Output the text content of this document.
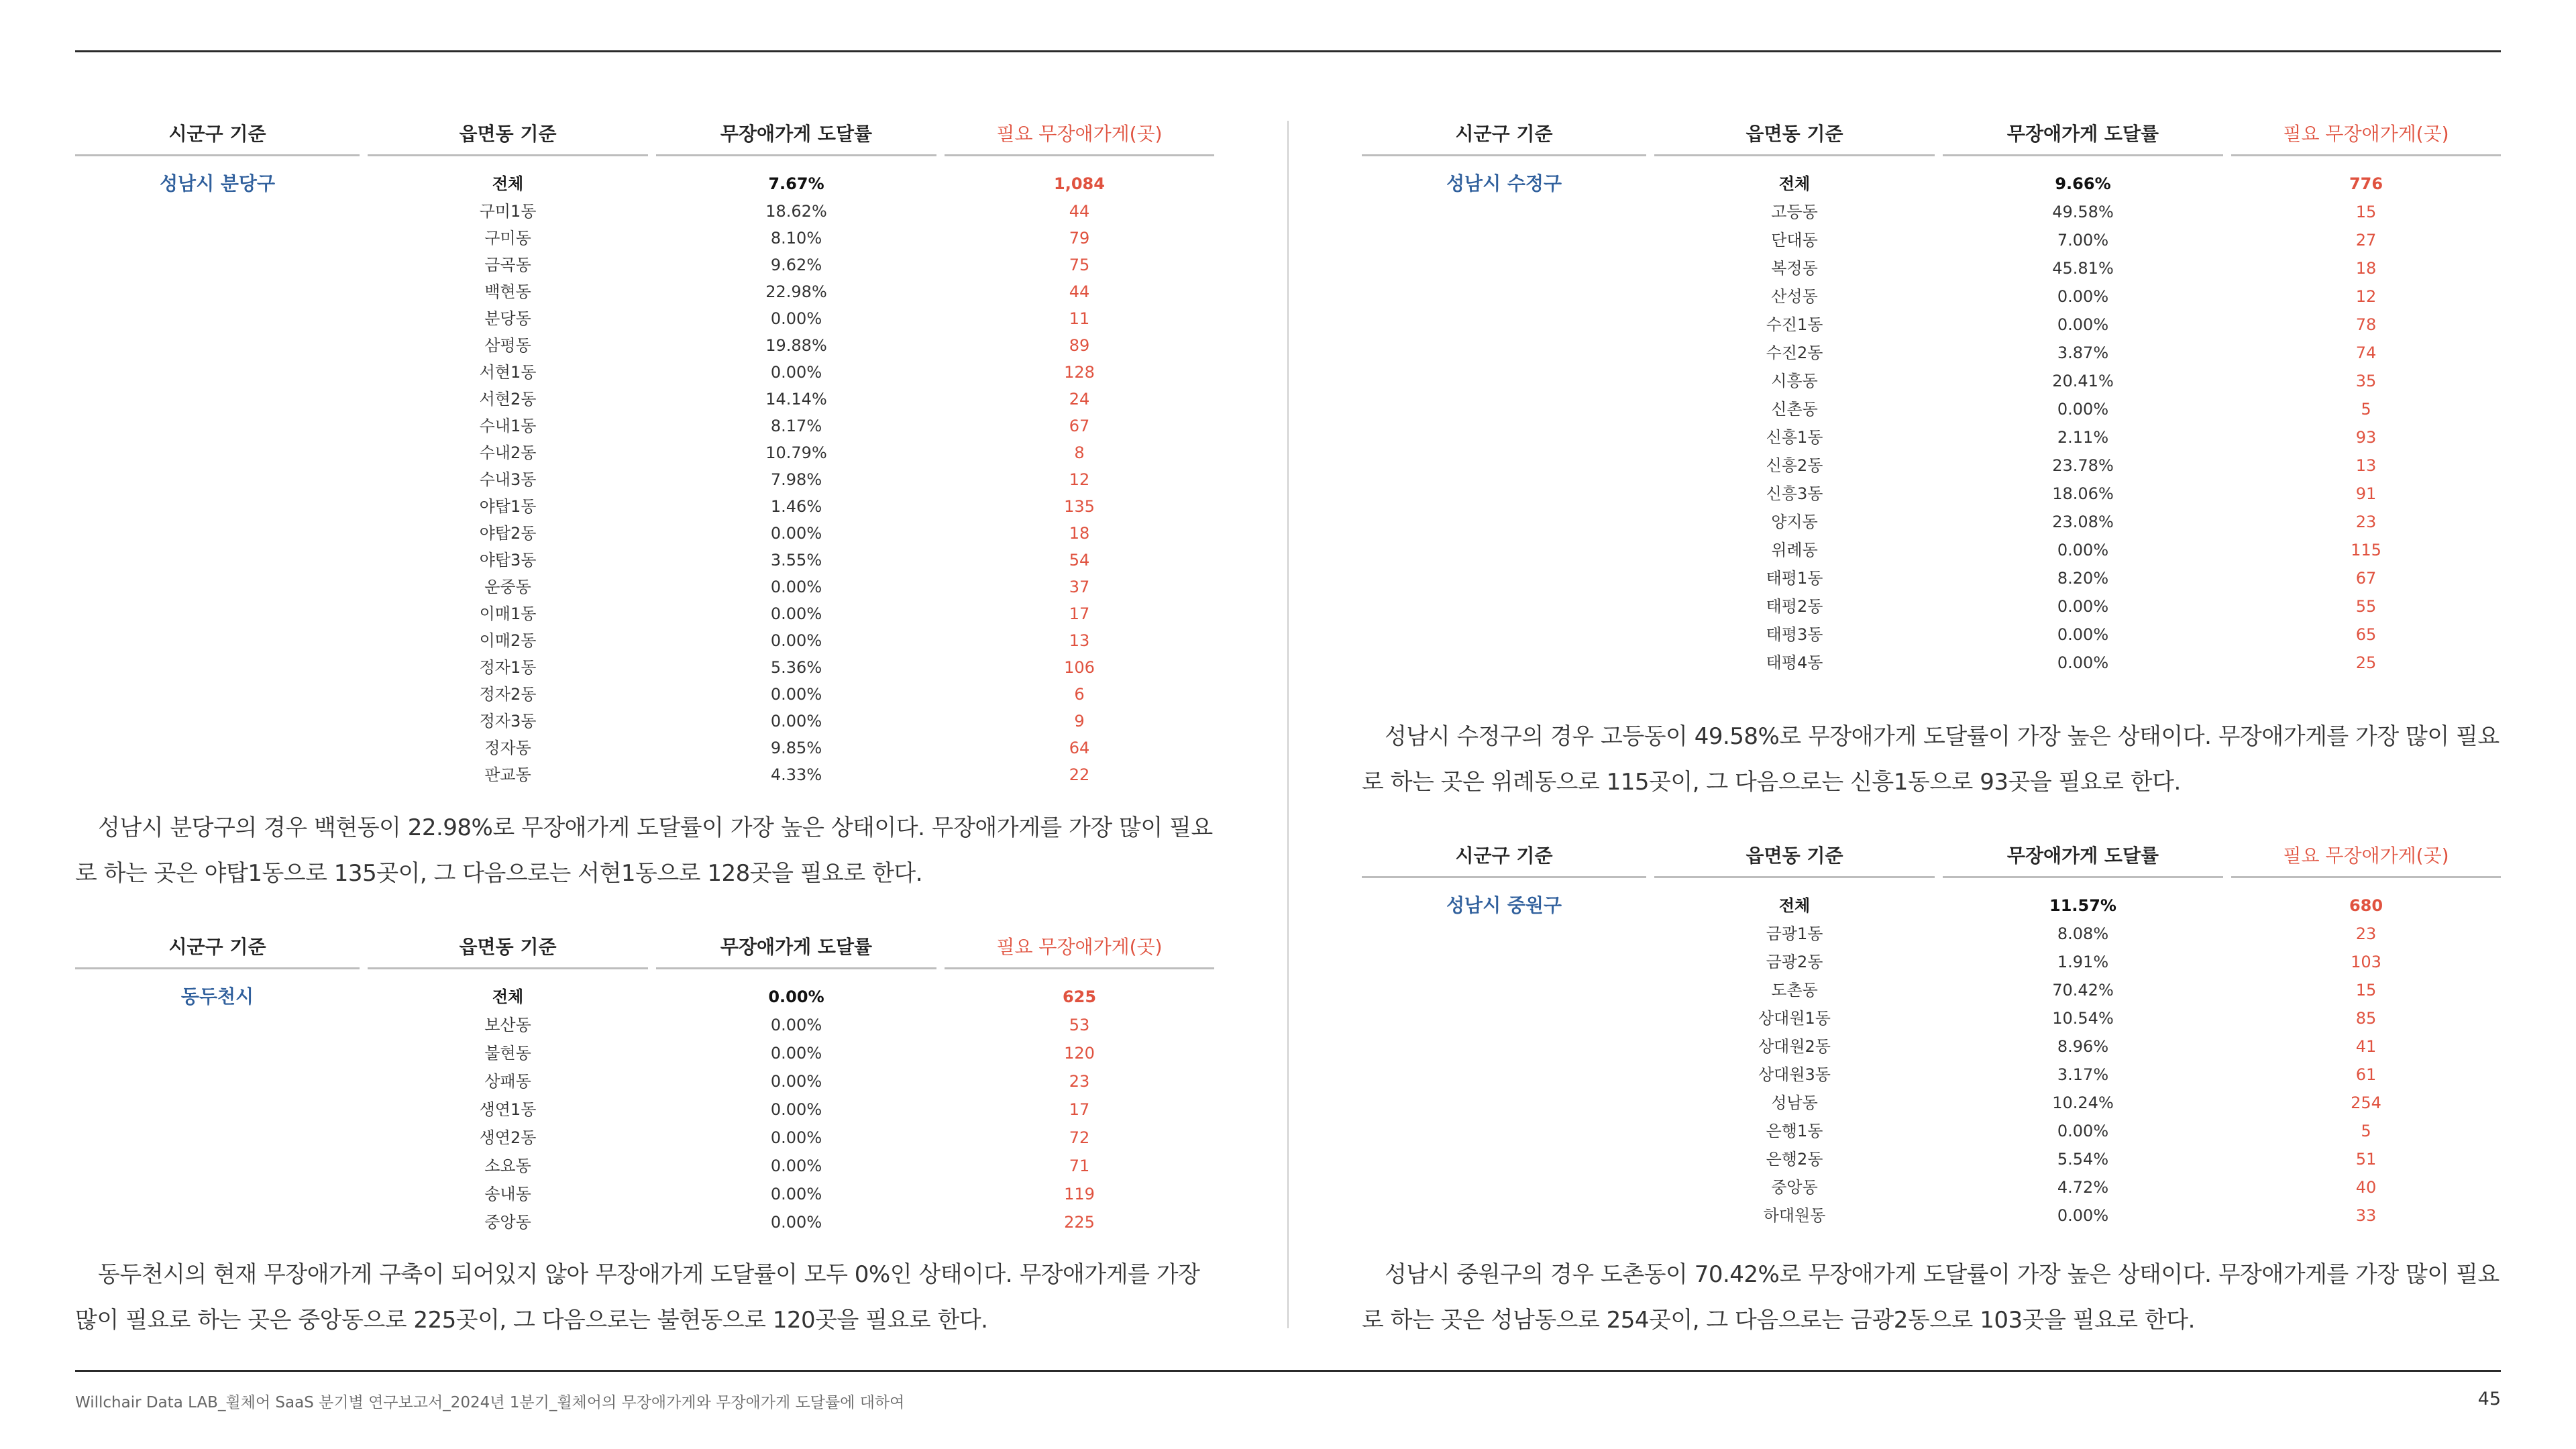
시군구 기준		읍면동 기준		무장애가게 도달률		필요 무장애가게(곳)
성남시 분당구		전체		7.67%		1,084
		구미1동		18.62%		44
		구미동		8.10%		79
		금곡동		9.62%		75
		백현동		22.98%		44
		분당동		0.00%		11
		삼평동		19.88%		89
		서현1동		0.00%		128
		서현2동		14.14%		24
		수내1동		8.17%		67
		수내2동		10.79%		8
		수내3동		7.98%		12
		야탑1동		1.46%		135
		야탑2동		0.00%		18
		야탑3동		3.55%		54
		운중동		0.00%		37
		이매1동		0.00%		17
		이매2동		0.00%		13
		정자1동		5.36%		106
		정자2동		0.00%		6
		정자3동		0.00%		9
		정자동		9.85%		64
		판교동		4.33%		22
성남시 분당구의 경우 백현동이 22.98%로 무장애가게 도달률이 가장 높은 상태이다. 무장애가게를 가장 많이 필요로 하는 곳은 야탑1동으로 135곳이, 그 다음으로는 서현1동으로 128곳을 필요로 한다.
시군구 기준		읍면동 기준		무장애가게 도달률		필요 무장애가게(곳)
동두천시		전체		0.00%		625
		보산동		0.00%		53
		불현동		0.00%		120
		상패동		0.00%		23
		생연1동		0.00%		17
		생연2동		0.00%		72
		소요동		0.00%		71
		송내동		0.00%		119
		중앙동		0.00%		225
동두천시의 현재 무장애가게 구축이 되어있지 않아 무장애가게 도달률이 모두 0%인 상태이다. 무장애가게를 가장 많이 필요로 하는 곳은 중앙동으로 225곳이, 그 다음으로는 불현동으로 120곳을 필요로 한다.
시군구 기준		읍면동 기준		무장애가게 도달률		필요 무장애가게(곳)
성남시 수정구		전체		9.66%		776
		고등동		49.58%		15
		단대동		7.00%		27
		복정동		45.81%		18
		산성동		0.00%		12
		수진1동		0.00%		78
		수진2동		3.87%		74
		시흥동		20.41%		35
		신촌동		0.00%		5
		신흥1동		2.11%		93
		신흥2동		23.78%		13
		신흥3동		18.06%		91
		양지동		23.08%		23
		위례동		0.00%		115
		태평1동		8.20%		67
		태평2동		0.00%		55
		태평3동		0.00%		65
		태평4동		0.00%		25
성남시 수정구의 경우 고등동이 49.58%로 무장애가게 도달률이 가장 높은 상태이다. 무장애가게를 가장 많이 필요로 하는 곳은 위례동으로 115곳이, 그 다음으로는 신흥1동으로 93곳을 필요로 한다.
시군구 기준		읍면동 기준		무장애가게 도달률		필요 무장애가게(곳)
성남시 중원구		전체		11.57%		680
		금광1동		8.08%		23
		금광2동		1.91%		103
		도촌동		70.42%		15
		상대원1동		10.54%		85
		상대원2동		8.96%		41
		상대원3동		3.17%		61
		성남동		10.24%		254
		은행1동		0.00%		5
		은행2동		5.54%		51
		중앙동		4.72%		40
		하대원동		0.00%		33
성남시 중원구의 경우 도촌동이 70.42%로 무장애가게 도달률이 가장 높은 상태이다. 무장애가게를 가장 많이 필요로 하는 곳은 성남동으로 254곳이, 그 다음으로는 금광2동으로 103곳을 필요로 한다.
Willchair Data LAB_휠체어 SaaS 분기별 연구보고서_2024년 1분기_휠체어의 무장애가게와 무장애가게 도달률에 대하여	45
